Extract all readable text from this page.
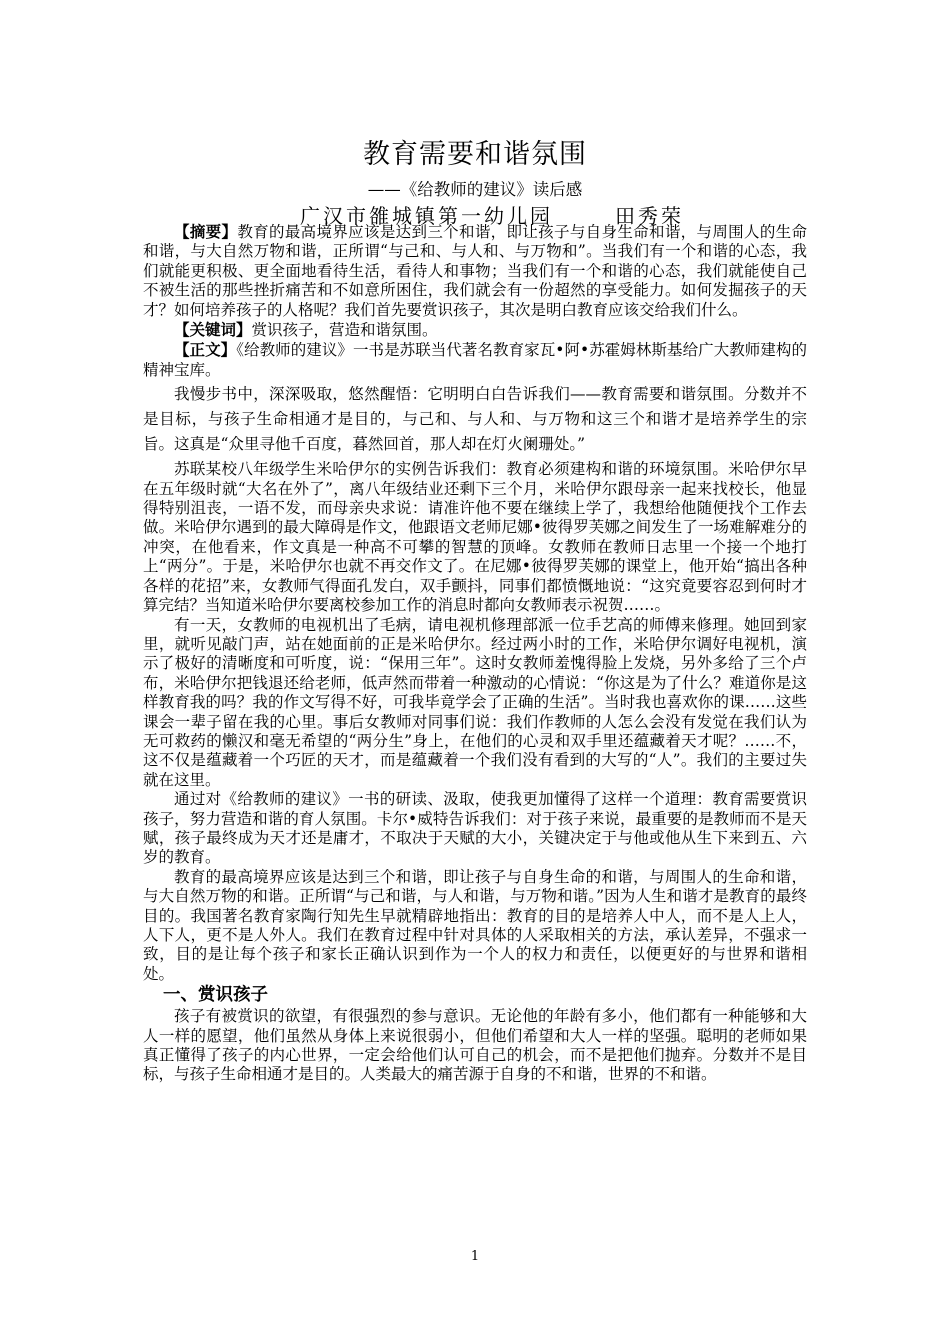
教育需要和谐氛围
——《给教师的建议》读后感
广汉市雒城镇第一幼儿园	田秀荣

【摘要】教育的最高境界应该是达到三个和谐，即让孩子与自身生命和谐，与周围人的生命和谐，与大自然万物和谐，正所谓“与己和、与人和、与万物和”。当我们有一个和谐的心态，我们就能更积极、更全面地看待生活，看待人和事物；当我们有一个和谐的心态，我们就能使自己不被生活的那些挫折痛苦和不如意所困住，我们就会有一份超然的享受能力。如何发掘孩子的天才？如何培养孩子的人格呢？我们首先要赏识孩子，其次是明白教育应该交给我们什么。

【关键词】赏识孩子，营造和谐氛围。

【正文】《给教师的建议》一书是苏联当代著名教育家瓦•阿•苏霍姆林斯基给广大教师建构的精神宝库。

我慢步书中，深深吸取，悠然醒悟：它明明白白告诉我们——教育需要和谐氛围。分数并不是目标，与孩子生命相通才是目的，与己和、与人和、与万物和这三个和谐才是培养学生的宗旨。这真是“众里寻他千百度，暮然回首，那人却在灯火阑珊处。”

苏联某校八年级学生米哈伊尔的实例告诉我们：教育必须建构和谐的环境氛围。米哈伊尔早在五年级时就“大名在外了”，离八年级结业还剩下三个月，米哈伊尔跟母亲一起来找校长，他显得特别沮丧，一语不发，而母亲央求说：请准许他不要在继续上学了，我想给他随便找个工作去做。米哈伊尔遇到的最大障碍是作文，他跟语文老师尼娜•彼得罗芙娜之间发生了一场难解难分的冲突，在他看来，作文真是一种高不可攀的智慧的顶峰。女教师在教师日志里一个接一个地打上“两分”。于是，米哈伊尔也就不再交作文了。在尼娜•彼得罗芙娜的课堂上，他开始“搞出各种各样的花招”来，女教师气得面孔发白，双手颤抖，同事们都愤慨地说：“这究竟要容忍到何时才算完结？当知道米哈伊尔要离校参加工作的消息时都向女教师表示祝贺……。

有一天，女教师的电视机出了毛病，请电视机修理部派一位手艺高的师傅来修理。她回到家里，就听见敲门声，站在她面前的正是米哈伊尔。经过两小时的工作，米哈伊尔调好电视机，演示了极好的清晰度和可听度，说：“保用三年”。这时女教师羞愧得脸上发烧，另外多给了三个卢布，米哈伊尔把钱退还给老师，低声然而带着一种激动的心情说：“你这是为了什么？难道你是这样教育我的吗？我的作文写得不好，可我毕竟学会了正确的生活”。当时我也喜欢你的课……这些课会一辈子留在我的心里。事后女教师对同事们说：我们作教师的人怎么会没有发觉在我们认为无可救药的懒汉和毫无希望的“两分生”身上，在他们的心灵和双手里还蕴藏着天才呢？……不，这不仅是蕴藏着一个巧匠的天才，而是蕴藏着一个我们没有看到的大写的“人”。我们的主要过失就在这里。

通过对《给教师的建议》一书的研读、汲取，使我更加懂得了这样一个道理：教育需要赏识孩子，努力营造和谐的育人氛围。卡尔•威特告诉我们：对于孩子来说，最重要的是教师而不是天赋，孩子最终成为天才还是庸才，不取决于天赋的大小，关键决定于与他或他从生下来到五、六岁的教育。

教育的最高境界应该是达到三个和谐，即让孩子与自身生命的和谐，与周围人的生命和谐，与大自然万物的和谐。正所谓“与己和谐，与人和谐，与万物和谐。”因为人生和谐才是教育的最终目的。我国著名教育家陶行知先生早就精辟地指出：教育的目的是培养人中人，而不是人上人，人下人，更不是人外人。我们在教育过程中针对具体的人采取相关的方法，承认差异，不强求一致，目的是让每个孩子和家长正确认识到作为一个人的权力和责任，以便更好的与世界和谐相处。

一、赏识孩子

孩子有被赏识的欲望，有很强烈的参与意识。无论他的年龄有多小，他们都有一种能够和大人一样的愿望，他们虽然从身体上来说很弱小，但他们希望和大人一样的坚强。聪明的老师如果真正懂得了孩子的内心世界，一定会给他们认可自己的机会，而不是把他们抛弃。分数并不是目标，与孩子生命相通才是目的。人类最大的痛苦源于自身的不和谐，世界的不和谐。

1
